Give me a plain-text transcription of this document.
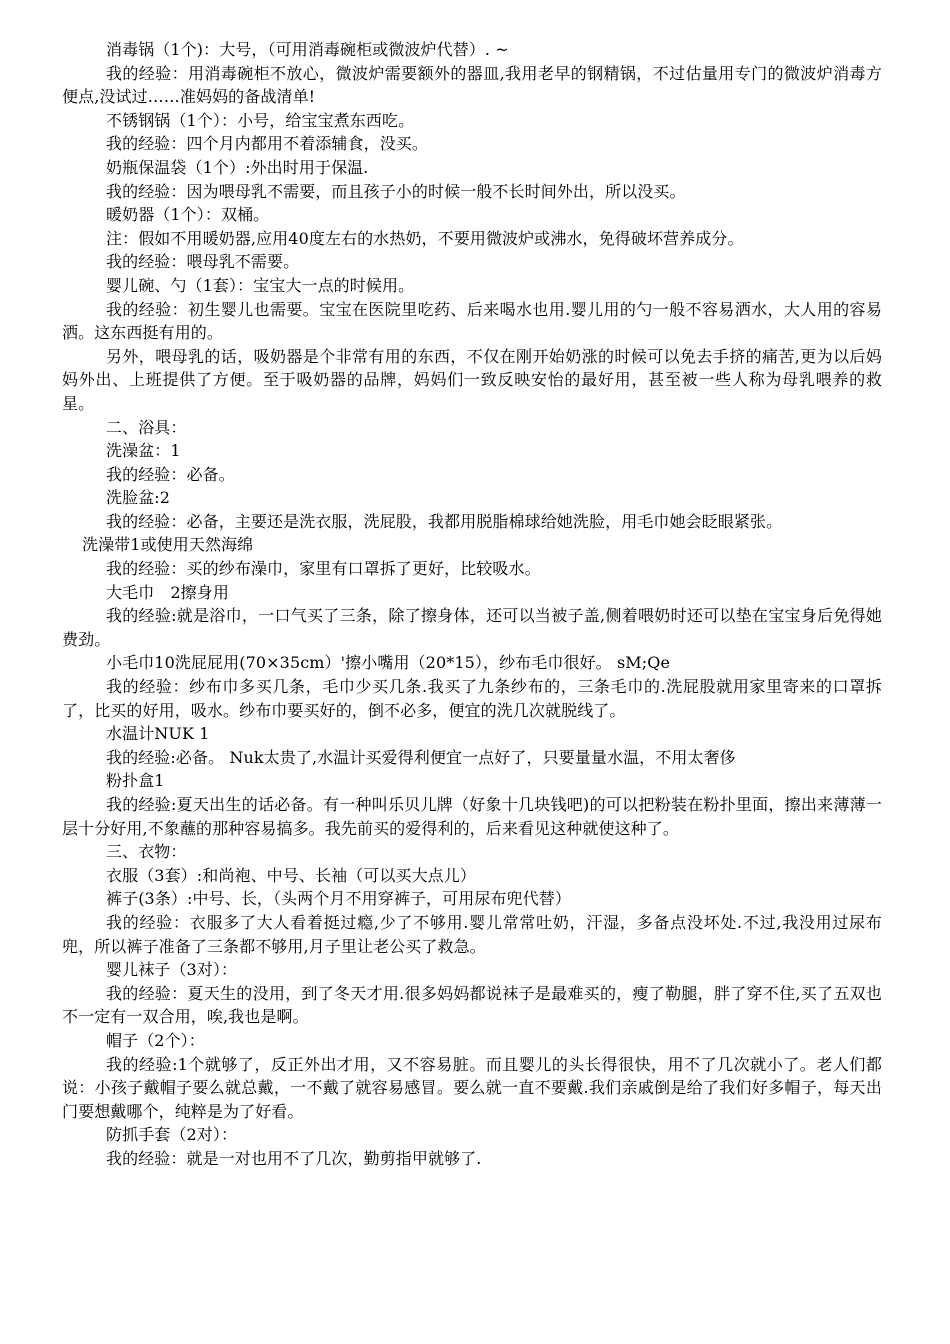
消毒锅（1个)：大号，（可用消毒碗柜或微波炉代替）. ~

我的经验：用消毒碗柜不放心，微波炉需要额外的器皿,我用老早的钢精锅，不过估量用专门的微波炉消毒方便点,没试过……准妈妈的备战清单!

不锈钢锅（1个）：小号，给宝宝煮东西吃。

我的经验：四个月内都用不着添辅食，没买。

奶瓶保温袋（1个）:外出时用于保温.

我的经验：因为喂母乳不需要，而且孩子小的时候一般不长时间外出，所以没买。

暖奶器（1个）：双桶。

注：假如不用暖奶器,应用40度左右的水热奶，不要用微波炉或沸水，免得破坏营养成分。

我的经验：喂母乳不需要。

婴儿碗、勺（1套）：宝宝大一点的时候用。

我的经验：初生婴儿也需要。宝宝在医院里吃药、后来喝水也用.婴儿用的勺一般不容易洒水，大人用的容易洒。这东西挺有用的。

另外，喂母乳的话，吸奶器是个非常有用的东西，不仅在刚开始奶涨的时候可以免去手挤的痛苦,更为以后妈妈外出、上班提供了方便。至于吸奶器的品牌，妈妈们一致反映安怡的最好用，甚至被一些人称为母乳喂养的救星。

二、浴具：

洗澡盆：1

我的经验：必备。

洗脸盆:2

我的经验：必备，主要还是洗衣服，洗屁股，我都用脱脂棉球给她洗脸，用毛巾她会眨眼紧张。

洗澡带1或使用天然海绵

我的经验：买的纱布澡巾，家里有口罩拆了更好，比较吸水。

大毛巾　2擦身用

我的经验:就是浴巾，一口气买了三条，除了擦身体，还可以当被子盖,侧着喂奶时还可以垫在宝宝身后免得她费劲。

小毛巾10洗屁屁用(70×35cm）'擦小嘴用（20*15），纱布毛巾很好。 sM;Qe

我的经验：纱布巾多买几条，毛巾少买几条.我买了九条纱布的，三条毛巾的.洗屁股就用家里寄来的口罩拆了，比买的好用，吸水。纱布巾要买好的，倒不必多，便宜的洗几次就脱线了。

水温计NUK 1

我的经验:必备。 Nuk太贵了,水温计买爱得利便宜一点好了，只要量量水温，不用太奢侈

粉扑盒1

我的经验:夏天出生的话必备。有一种叫乐贝儿牌（好象十几块钱吧)的可以把粉装在粉扑里面，擦出来薄薄一层十分好用,不象蘸的那种容易搞多。我先前买的爱得利的，后来看见这种就使这种了。

三、衣物：

衣服（3套）:和尚袍、中号、长袖（可以买大点儿）

裤子(3条）:中号、长，（头两个月不用穿裤子，可用尿布兜代替）

我的经验：衣服多了大人看着挺过瘾,少了不够用.婴儿常常吐奶，汗湿，多备点没坏处.不过,我没用过尿布兜，所以裤子准备了三条都不够用,月子里让老公买了救急。

婴儿袜子（3对）：

我的经验：夏天生的没用，到了冬天才用.很多妈妈都说袜子是最难买的，瘦了勒腿，胖了穿不住,买了五双也不一定有一双合用，唉,我也是啊。

帽子（2个）：

我的经验:1个就够了，反正外出才用，又不容易脏。而且婴儿的头长得很快，用不了几次就小了。老人们都说：小孩子戴帽子要么就总戴，一不戴了就容易感冒。要么就一直不要戴.我们亲戚倒是给了我们好多帽子，每天出门要想戴哪个，纯粹是为了好看。

防抓手套（2对）：

我的经验：就是一对也用不了几次，勤剪指甲就够了.
